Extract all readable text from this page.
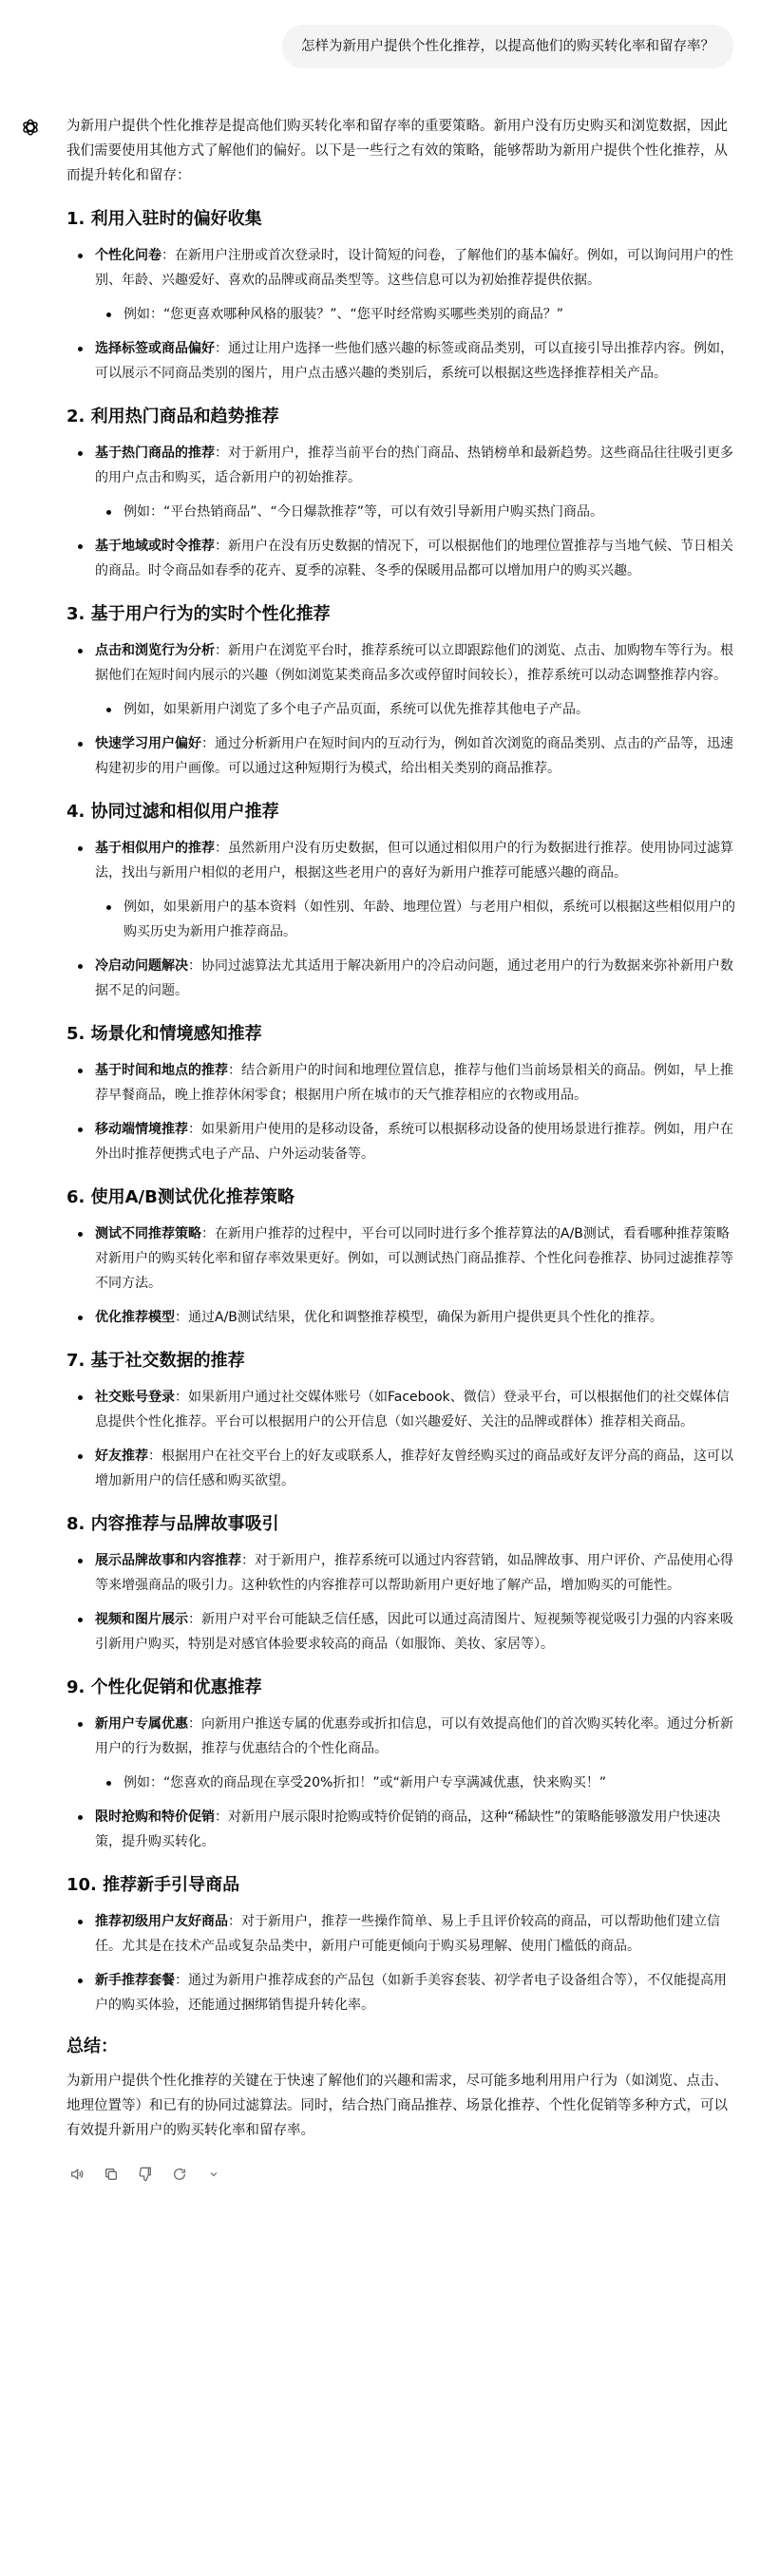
怎样为新用户提供个性化推荐，以提高他们的购买转化率和留存率？

为新用户提供个性化推荐是提高他们购买转化率和留存率的重要策略。新用户没有历史购买和浏览数据，因此我们需要使用其他方式了解他们的偏好。以下是一些行之有效的策略，能够帮助为新用户提供个性化推荐，从而提升转化和留存：

1. 利用入驻时的偏好收集
个性化问卷：在新用户注册或首次登录时，设计简短的问卷，了解他们的基本偏好。例如，可以询问用户的性别、年龄、兴趣爱好、喜欢的品牌或商品类型等。这些信息可以为初始推荐提供依据。
例如：“您更喜欢哪种风格的服装？”、“您平时经常购买哪些类别的商品？”
选择标签或商品偏好：通过让用户选择一些他们感兴趣的标签或商品类别，可以直接引导出推荐内容。例如，可以展示不同商品类别的图片，用户点击感兴趣的类别后，系统可以根据这些选择推荐相关产品。
2. 利用热门商品和趋势推荐
基于热门商品的推荐：对于新用户，推荐当前平台的热门商品、热销榜单和最新趋势。这些商品往往吸引更多的用户点击和购买，适合新用户的初始推荐。
例如：“平台热销商品”、“今日爆款推荐”等，可以有效引导新用户购买热门商品。
基于地域或时令推荐：新用户在没有历史数据的情况下，可以根据他们的地理位置推荐与当地气候、节日相关的商品。时令商品如春季的花卉、夏季的凉鞋、冬季的保暖用品都可以增加用户的购买兴趣。
3. 基于用户行为的实时个性化推荐
点击和浏览行为分析：新用户在浏览平台时，推荐系统可以立即跟踪他们的浏览、点击、加购物车等行为。根据他们在短时间内展示的兴趣（例如浏览某类商品多次或停留时间较长），推荐系统可以动态调整推荐内容。
例如，如果新用户浏览了多个电子产品页面，系统可以优先推荐其他电子产品。
快速学习用户偏好：通过分析新用户在短时间内的互动行为，例如首次浏览的商品类别、点击的产品等，迅速构建初步的用户画像。可以通过这种短期行为模式，给出相关类别的商品推荐。
4. 协同过滤和相似用户推荐
基于相似用户的推荐：虽然新用户没有历史数据，但可以通过相似用户的行为数据进行推荐。使用协同过滤算法，找出与新用户相似的老用户，根据这些老用户的喜好为新用户推荐可能感兴趣的商品。
例如，如果新用户的基本资料（如性别、年龄、地理位置）与老用户相似，系统可以根据这些相似用户的购买历史为新用户推荐商品。
冷启动问题解决：协同过滤算法尤其适用于解决新用户的冷启动问题，通过老用户的行为数据来弥补新用户数据不足的问题。
5. 场景化和情境感知推荐
基于时间和地点的推荐：结合新用户的时间和地理位置信息，推荐与他们当前场景相关的商品。例如，早上推荐早餐商品，晚上推荐休闲零食；根据用户所在城市的天气推荐相应的衣物或用品。
移动端情境推荐：如果新用户使用的是移动设备，系统可以根据移动设备的使用场景进行推荐。例如，用户在外出时推荐便携式电子产品、户外运动装备等。
6. 使用A/B测试优化推荐策略
测试不同推荐策略：在新用户推荐的过程中，平台可以同时进行多个推荐算法的A/B测试，看看哪种推荐策略对新用户的购买转化率和留存率效果更好。例如，可以测试热门商品推荐、个性化问卷推荐、协同过滤推荐等不同方法。
优化推荐模型：通过A/B测试结果，优化和调整推荐模型，确保为新用户提供更具个性化的推荐。
7. 基于社交数据的推荐
社交账号登录：如果新用户通过社交媒体账号（如Facebook、微信）登录平台，可以根据他们的社交媒体信息提供个性化推荐。平台可以根据用户的公开信息（如兴趣爱好、关注的品牌或群体）推荐相关商品。
好友推荐：根据用户在社交平台上的好友或联系人，推荐好友曾经购买过的商品或好友评分高的商品，这可以增加新用户的信任感和购买欲望。
8. 内容推荐与品牌故事吸引
展示品牌故事和内容推荐：对于新用户，推荐系统可以通过内容营销，如品牌故事、用户评价、产品使用心得等来增强商品的吸引力。这种软性的内容推荐可以帮助新用户更好地了解产品，增加购买的可能性。
视频和图片展示：新用户对平台可能缺乏信任感，因此可以通过高清图片、短视频等视觉吸引力强的内容来吸引新用户购买，特别是对感官体验要求较高的商品（如服饰、美妆、家居等）。
9. 个性化促销和优惠推荐
新用户专属优惠：向新用户推送专属的优惠券或折扣信息，可以有效提高他们的首次购买转化率。通过分析新用户的行为数据，推荐与优惠结合的个性化商品。
例如：“您喜欢的商品现在享受20%折扣！”或“新用户专享满减优惠，快来购买！”
限时抢购和特价促销：对新用户展示限时抢购或特价促销的商品，这种“稀缺性”的策略能够激发用户快速决策，提升购买转化。
10. 推荐新手引导商品
推荐初级用户友好商品：对于新用户，推荐一些操作简单、易上手且评价较高的商品，可以帮助他们建立信任。尤其是在技术产品或复杂品类中，新用户可能更倾向于购买易理解、使用门槛低的商品。
新手推荐套餐：通过为新用户推荐成套的产品包（如新手美容套装、初学者电子设备组合等），不仅能提高用户的购买体验，还能通过捆绑销售提升转化率。
总结：

为新用户提供个性化推荐的关键在于快速了解他们的兴趣和需求，尽可能多地利用用户行为（如浏览、点击、地理位置等）和已有的协同过滤算法。同时，结合热门商品推荐、场景化推荐、个性化促销等多种方式，可以有效提升新用户的购买转化率和留存率。
